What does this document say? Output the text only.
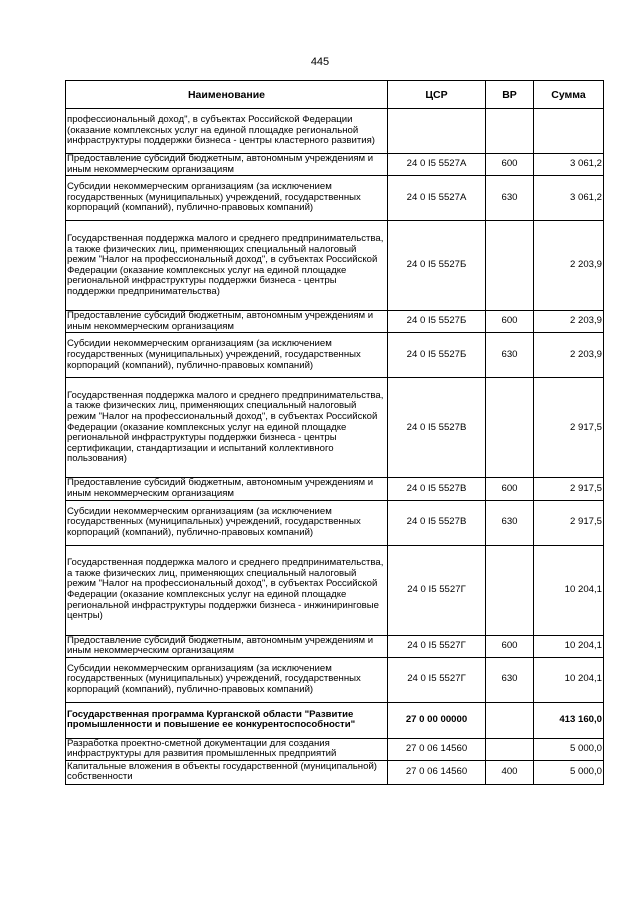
445
Наименование	ЦСР	ВР	Сумма
профессиональный доход", в субъектах Российской Федерации (оказание комплексных услуг на единой площадке региональной инфраструктуры поддержки бизнеса - центры кластерного развития)			
Предоставление субсидий бюджетным, автономным учреждениям и иным некоммерческим организациям	24 0 I5 5527А	600	3 061,2
Субсидии некоммерческим организациям (за исключением государственных (муниципальных) учреждений, государственных корпораций (компаний), публично-правовых компаний)	24 0 I5 5527А	630	3 061,2
Государственная поддержка малого и среднего предпринимательства, а также физических лиц, применяющих специальный налоговый режим "Налог на профессиональный доход", в субъектах Российской Федерации (оказание комплексных услуг на единой площадке региональной инфраструктуры поддержки бизнеса - центры поддержки предпринимательства)	24 0 I5 5527Б		2 203,9
Предоставление субсидий бюджетным, автономным учреждениям и иным некоммерческим организациям	24 0 I5 5527Б	600	2 203,9
Субсидии некоммерческим организациям (за исключением государственных (муниципальных) учреждений, государственных корпораций (компаний), публично-правовых компаний)	24 0 I5 5527Б	630	2 203,9
Государственная поддержка малого и среднего предпринимательства, а также физических лиц, применяющих специальный налоговый режим "Налог на профессиональный доход", в субъектах Российской Федерации (оказание комплексных услуг на единой площадке региональной инфраструктуры поддержки бизнеса - центры сертификации, стандартизации и испытаний коллективного пользования)	24 0 I5 5527В		2 917,5
Предоставление субсидий бюджетным, автономным учреждениям и иным некоммерческим организациям	24 0 I5 5527В	600	2 917,5
Субсидии некоммерческим организациям (за исключением государственных (муниципальных) учреждений, государственных корпораций (компаний), публично-правовых компаний)	24 0 I5 5527В	630	2 917,5
Государственная поддержка малого и среднего предпринимательства, а также физических лиц, применяющих специальный налоговый режим "Налог на профессиональный доход", в субъектах Российской Федерации (оказание комплексных услуг на единой площадке региональной инфраструктуры поддержки бизнеса - инжиниринговые центры)	24 0 I5 5527Г		10 204,1
Предоставление субсидий бюджетным, автономным учреждениям и иным некоммерческим организациям	24 0 I5 5527Г	600	10 204,1
Субсидии некоммерческим организациям (за исключением государственных (муниципальных) учреждений, государственных корпораций (компаний), публично-правовых компаний)	24 0 I5 5527Г	630	10 204,1
Государственная программа Курганской области "Развитие промышленности и повышение ее конкурентоспособности"	27 0 00 00000		413 160,0
Разработка проектно-сметной документации для создания инфраструктуры для развития промышленных предприятий	27 0 06 14560		5 000,0
Капитальные вложения в объекты государственной (муниципальной) собственности	27 0 06 14560	400	5 000,0
